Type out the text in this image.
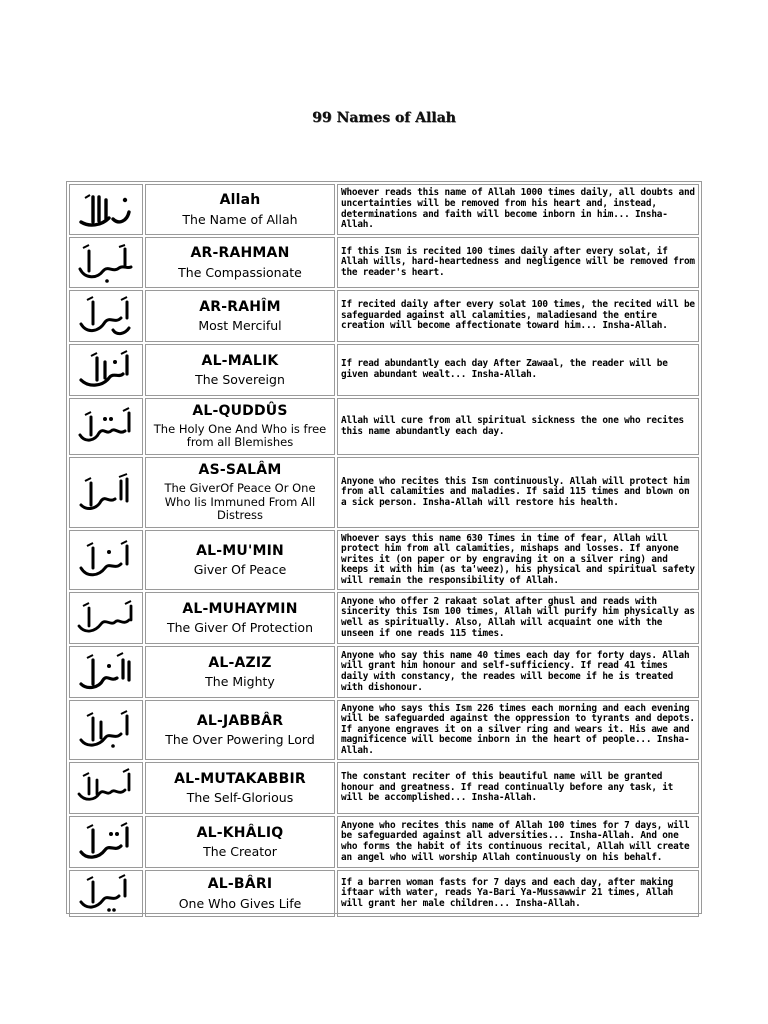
99 Names of Allah
Allah
The Name of Allah
Whoever reads this name of Allah 1000 times daily, all doubts and uncertainties will be removed from his heart and, instead, determinations and faith will become inborn in him... Insha-Allah.
AR-RAHMAN
The Compassionate
If this Ism is recited 100 times daily after every solat, if Allah wills, hard-heartedness and negligence will be removed from the reader's heart.
AR-RAHÎM
Most Merciful
If recited daily after every solat 100 times, the recited will be safeguarded against all calamities, maladiesand the entire creation will become affectionate toward him... Insha-Allah.
AL-MALIK
The Sovereign
If read abundantly each day After Zawaal, the reader will be given abundant wealt... Insha-Allah.
AL-QUDDÛS
The Holy One And Who is free from all Blemishes
Allah will cure from all spiritual sickness the one who recites this name abundantly each day.
AS-SALÂM
The GiverOf Peace Or One Who Iis Immuned From All Distress
Anyone who recites this Ism continuously. Allah will protect him from all calamities and maladies. If said 115 times and blown on a sick person. Insha-Allah will restore his health.
AL-MU'MIN
Giver Of Peace
Whoever says this name 630 Times in time of fear, Allah will protect him from all calamities, mishaps and losses. If anyone writes it (on paper or by engraving it on a silver ring) and keeps it with him (as ta'weez), his physical and spiritual safety will remain the responsibility of Allah.
AL-MUHAYMIN
The Giver Of Protection
Anyone who offer 2 rakaat solat after ghusl and reads with sincerity this Ism 100 times, Allah will purify him physically as well as spiritually. Also, Allah will acquaint one with the unseen if one reads 115 times.
AL-AZIZ
The Mighty
Anyone who say this name 40 times each day for forty days. Allah will grant him honour and self-sufficiency. If read 41 times daily with constancy, the reades will become if he is treated with dishonour.
AL-JABBÂR
The Over Powering Lord
Anyone who says this Ism 226 times each morning and each evening will be safeguarded against the oppression to tyrants and depots. If anyone engraves it on a silver ring and wears it. His awe and magnificence will become inborn in the heart of people... Insha-Allah.
AL-MUTAKABBIR
The Self-Glorious
The constant reciter of this beautiful name will be granted honour and greatness. If read continually before any task, it will be accomplished... Insha-Allah.
AL-KHÂLIQ
The Creator
Anyone who recites this name of Allah 100 times for 7 days, will be safeguarded against all adversities... Insha-Allah. And one who forms the habit of its continuous recital, Allah will create an angel who will worship Allah continuously on his behalf.
AL-BÂRI
One Who Gives Life
If a barren woman fasts for 7 days and each day, after making iftaar with water, reads Ya-Bari Ya-Mussawwir 21 times, Allah will grant her male children... Insha-Allah.
